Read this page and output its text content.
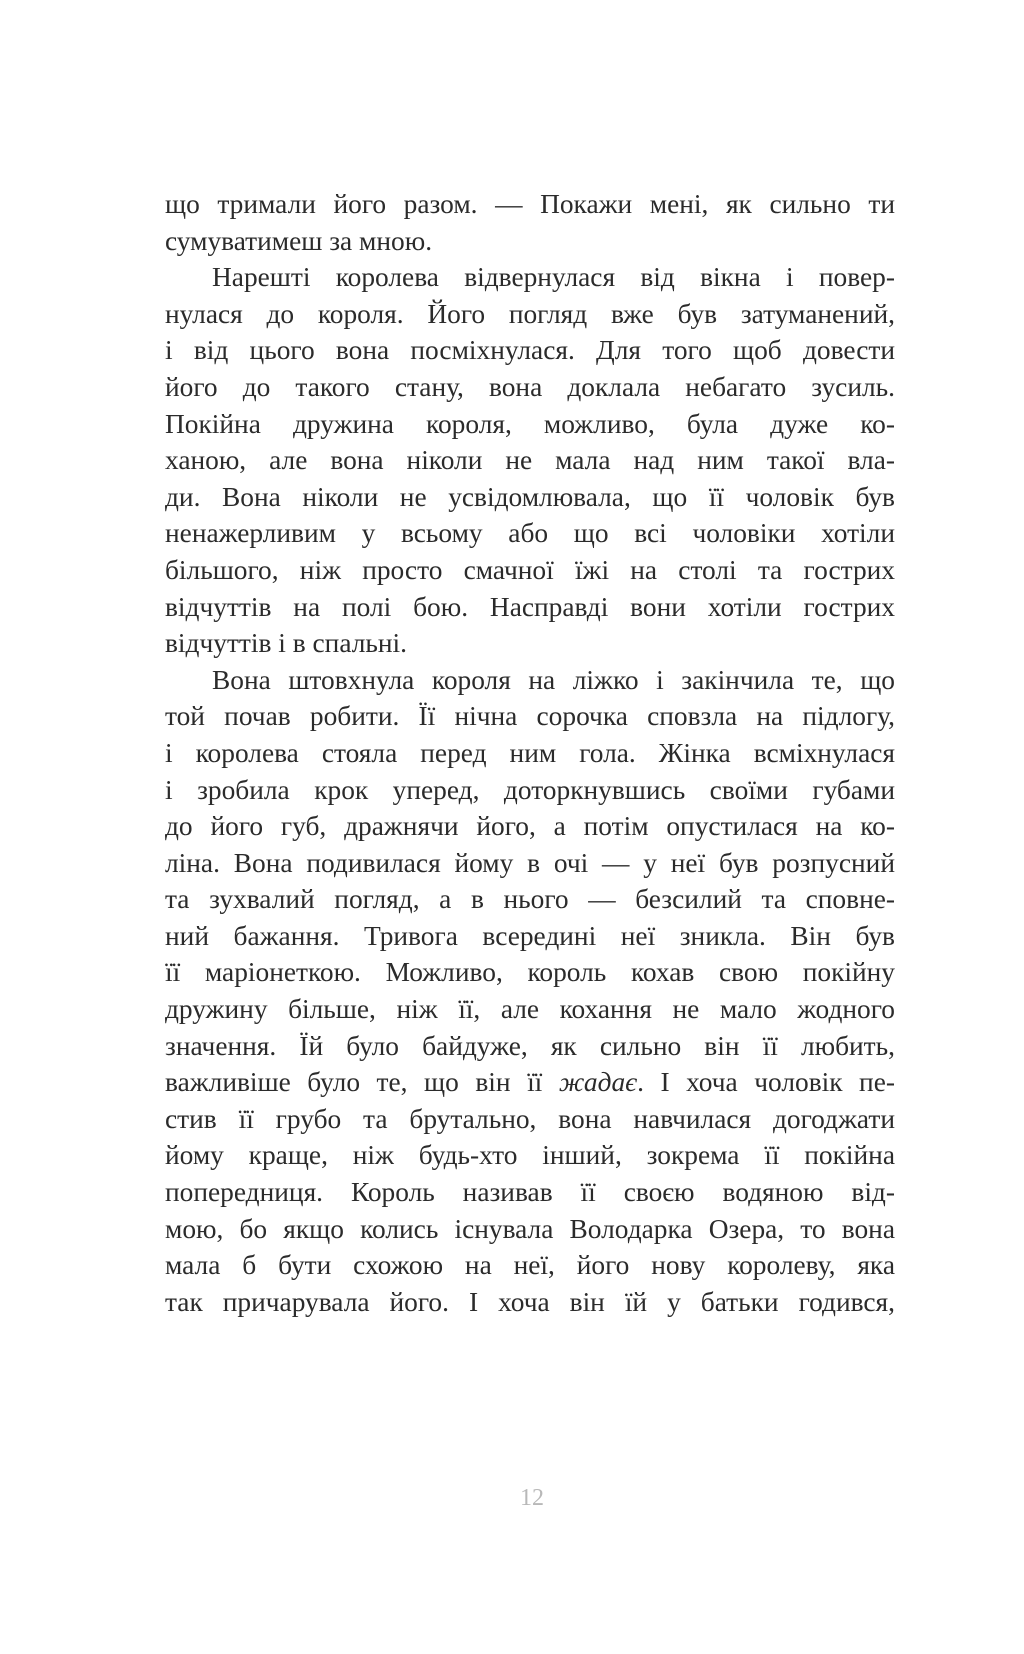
що тримали його разом. — Покажи мені, як сильно ти
сумуватимеш за мною.
Нарешті королева відвернулася від вікна і повер-
нулася до короля. Його погляд вже був затуманений,
і від цього вона посміхнулася. Для того щоб довести
його до такого стану, вона доклала небагато зусиль.
Покійна дружина короля, можливо, була дуже ко-
ханою, але вона ніколи не мала над ним такої вла-
ди. Вона ніколи не усвідомлювала, що її чоловік був
ненажерливим у всьому або що всі чоловіки хотіли
більшого, ніж просто смачної їжі на столі та гострих
відчуттів на полі бою. Насправді вони хотіли гострих
відчуттів і в спальні.
Вона штовхнула короля на ліжко і закінчила те, що
той почав робити. Її нічна сорочка сповзла на підлогу,
і королева стояла перед ним гола. Жінка всміхнулася
і зробила крок уперед, доторкнувшись своїми губами
до його губ, дражнячи його, а потім опустилася на ко-
ліна. Вона подивилася йому в очі — у неї був розпусний
та зухвалий погляд, а в нього — безсилий та сповне-
ний бажання. Тривога всередині неї зникла. Він був
її маріонеткою. Можливо, король кохав свою покійну
дружину більше, ніж її, але кохання не мало жодного
значення. Їй було байдуже, як сильно він її любить,
важливіше було те, що він її жадає. І хоча чоловік пе-
стив її грубо та брутально, вона навчилася догоджати
йому краще, ніж будь-хто інший, зокрема її покійна
попередниця. Король називав її своєю водяною від-
мою, бо якщо колись існувала Володарка Озера, то вона
мала б бути схожою на неї, його нову королеву, яка
так причарувала його. І хоча він їй у батьки годився,
12
